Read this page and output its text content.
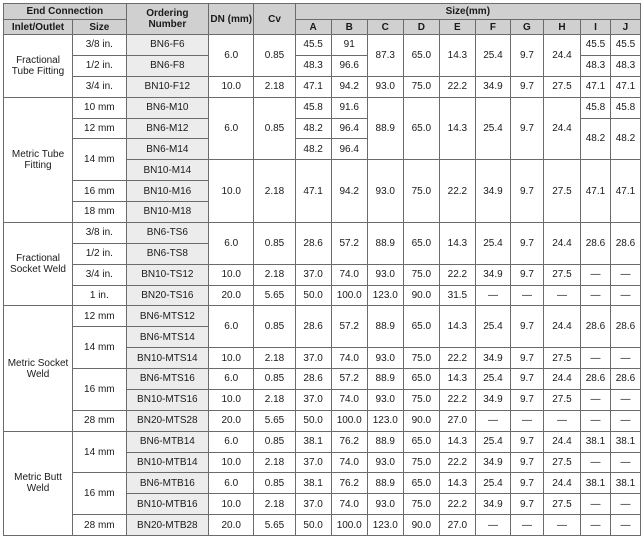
End Connection		Ordering Number	DN (mm)	Cv	Size(mm)									
Inlet/Outlet	Size				A	B	C	D	E	F	G	H	I	J
Fractional Tube Fitting	3/8 in.	BN6-F6	6.0	0.85	45.5	91	87.3	65.0	14.3	25.4	9.7	24.4	45.5	45.5
	1/2 in.	BN6-F8			48.3	96.6							48.3	48.3
	3/4 in.	BN10-F12	10.0	2.18	47.1	94.2	93.0	75.0	22.2	34.9	9.7	27.5	47.1	47.1
Metric Tube Fitting	10 mm	BN6-M10	6.0	0.85	45.8	91.6	88.9	65.0	14.3	25.4	9.7	24.4	45.8	45.8
	12 mm	BN6-M12			48.2	96.4							48.2	48.2
	14 mm	BN6-M14			48.2	96.4								
		BN10-M14	10.0	2.18	47.1	94.2	93.0	75.0	22.2	34.9	9.7	27.5	47.1	47.1
	16 mm	BN10-M16												
	18 mm	BN10-M18												
Fractional Socket Weld	3/8 in.	BN6-TS6	6.0	0.85	28.6	57.2	88.9	65.0	14.3	25.4	9.7	24.4	28.6	28.6
	1/2 in.	BN6-TS8												
	3/4 in.	BN10-TS12	10.0	2.18	37.0	74.0	93.0	75.0	22.2	34.9	9.7	27.5	—	—
	1 in.	BN20-TS16	20.0	5.65	50.0	100.0	123.0	90.0	31.5	—	—	—	—	—
Metric Socket Weld	12 mm	BN6-MTS12	6.0	0.85	28.6	57.2	88.9	65.0	14.3	25.4	9.7	24.4	28.6	28.6
	14 mm	BN6-MTS14												
		BN10-MTS14	10.0	2.18	37.0	74.0	93.0	75.0	22.2	34.9	9.7	27.5	—	—
	16 mm	BN6-MTS16	6.0	0.85	28.6	57.2	88.9	65.0	14.3	25.4	9.7	24.4	28.6	28.6
		BN10-MTS16	10.0	2.18	37.0	74.0	93.0	75.0	22.2	34.9	9.7	27.5	—	—
	28 mm	BN20-MTS28	20.0	5.65	50.0	100.0	123.0	90.0	27.0	—	—	—	—	—
Metric Butt Weld	14 mm	BN6-MTB14	6.0	0.85	38.1	76.2	88.9	65.0	14.3	25.4	9.7	24.4	38.1	38.1
		BN10-MTB14	10.0	2.18	37.0	74.0	93.0	75.0	22.2	34.9	9.7	27.5	—	—
	16 mm	BN6-MTB16	6.0	0.85	38.1	76.2	88.9	65.0	14.3	25.4	9.7	24.4	38.1	38.1
		BN10-MTB16	10.0	2.18	37.0	74.0	93.0	75.0	22.2	34.9	9.7	27.5	—	—
	28 mm	BN20-MTB28	20.0	5.65	50.0	100.0	123.0	90.0	27.0	—	—	—	—	—
